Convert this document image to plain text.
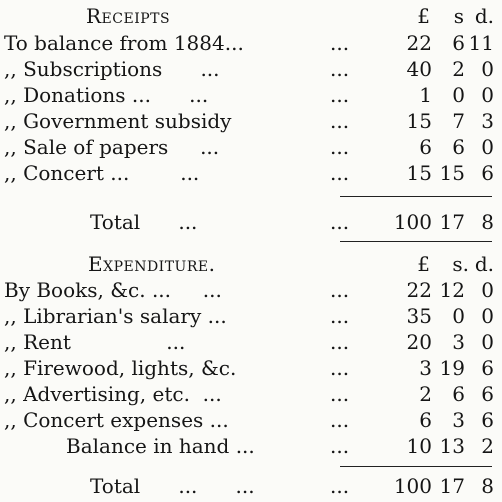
Receipts	£ s d.
To balance from 1884...	...	22 6 11
,, Subscriptions      ...	...	40 2 0
,, Donations ...      ...	...	1 0 0
,, Government subsidy	...	15 7 3
,, Sale of papers     ...	...	6 6 0
,, Concert ...        ...	...	15 15 6
Total      ...	... 100 17 8
Expenditure.	£ s. d.
By Books, &c. ...     ...	...	22 12 0
,, Librarian's salary ...	...	35 0 0
,, Rent               ...	...	20 3 0
,, Firewood, lights, &c.	...	3 19 6
,, Advertising, etc.  ...	...	2 6 6
,, Concert expenses ...	...	6 3 6
Balance in hand ...	...	10 13 2
Total      ...      ...	... 100 17 8
